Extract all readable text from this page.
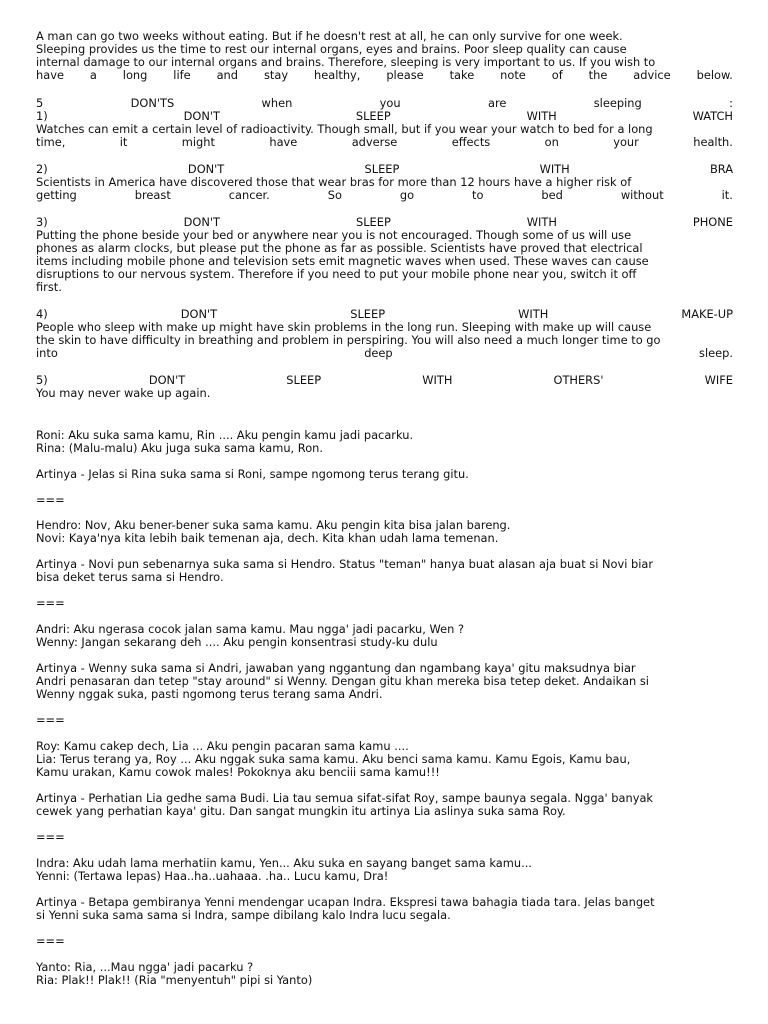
A man can go two weeks without eating. But if he doesn't rest at all, he can only survive for one week.
Sleeping provides us the time to rest our internal organs, eyes and brains. Poor sleep quality can cause
internal damage to our internal organs and brains. Therefore, sleeping is very important to us. If you wish to
have a long life and stay healthy, please take note of the advice below.
5	DON'TS	when	you	are	sleeping	:
1)	DON'T	SLEEP	WITH	WATCH
Watches can emit a certain level of radioactivity. Though small, but if you wear your watch to bed for a long
time,	it	might	have	adverse	effects	on	your	health.
2)	DON'T	SLEEP	WITH	BRA
Scientists in America have discovered those that wear bras for more than 12 hours have a higher risk of
getting	breast	cancer.	So	go	to	bed	without	it.
3)	DON'T	SLEEP	WITH	PHONE
Putting the phone beside your bed or anywhere near you is not encouraged. Though some of us will use
phones as alarm clocks, but please put the phone as far as possible. Scientists have proved that electrical
items including mobile phone and television sets emit magnetic waves when used. These waves can cause
disruptions to our nervous system. Therefore if you need to put your mobile phone near you, switch it off
first.
4)	DON'T	SLEEP	WITH	MAKE-UP
People who sleep with make up might have skin problems in the long run. Sleeping with make up will cause
the skin to have difficulty in breathing and problem in perspiring. You will also need a much longer time to go
into	deep	sleep.
5)	DON'T	SLEEP	WITH	OTHERS'	WIFE
You may never wake up again.
Roni: Aku suka sama kamu, Rin .... Aku pengin kamu jadi pacarku.
Rina: (Malu-malu) Aku juga suka sama kamu, Ron.
Artinya - Jelas si Rina suka sama si Roni, sampe ngomong terus terang gitu.
===
Hendro: Nov, Aku bener-bener suka sama kamu. Aku pengin kita bisa jalan bareng.
Novi: Kaya'nya kita lebih baik temenan aja, dech. Kita khan udah lama temenan.
Artinya - Novi pun sebenarnya suka sama si Hendro. Status "teman" hanya buat alasan aja buat si Novi biar
bisa deket terus sama si Hendro.
===
Andri: Aku ngerasa cocok jalan sama kamu. Mau ngga' jadi pacarku, Wen ?
Wenny: Jangan sekarang deh .... Aku pengin konsentrasi study-ku dulu
Artinya - Wenny suka sama si Andri, jawaban yang nggantung dan ngambang kaya' gitu maksudnya biar
Andri penasaran dan tetep "stay around" si Wenny. Dengan gitu khan mereka bisa tetep deket. Andaikan si
Wenny nggak suka, pasti ngomong terus terang sama Andri.
===
Roy: Kamu cakep dech, Lia ... Aku pengin pacaran sama kamu ....
Lia: Terus terang ya, Roy ... Aku nggak suka sama kamu. Aku benci sama kamu. Kamu Egois, Kamu bau,
Kamu urakan, Kamu cowok males! Pokoknya aku benciii sama kamu!!!
Artinya - Perhatian Lia gedhe sama Budi. Lia tau semua sifat-sifat Roy, sampe baunya segala. Ngga' banyak
cewek yang perhatian kaya' gitu. Dan sangat mungkin itu artinya Lia aslinya suka sama Roy.
===
Indra: Aku udah lama merhatiin kamu, Yen... Aku suka en sayang banget sama kamu...
Yenni: (Tertawa lepas) Haa..ha..uahaaa. .ha.. Lucu kamu, Dra!
Artinya - Betapa gembiranya Yenni mendengar ucapan Indra. Ekspresi tawa bahagia tiada tara. Jelas banget
si Yenni suka sama sama si Indra, sampe dibilang kalo Indra lucu segala.
===
Yanto: Ria, ...Mau ngga' jadi pacarku ?
Ria: Plak!! Plak!! (Ria "menyentuh" pipi si Yanto)
